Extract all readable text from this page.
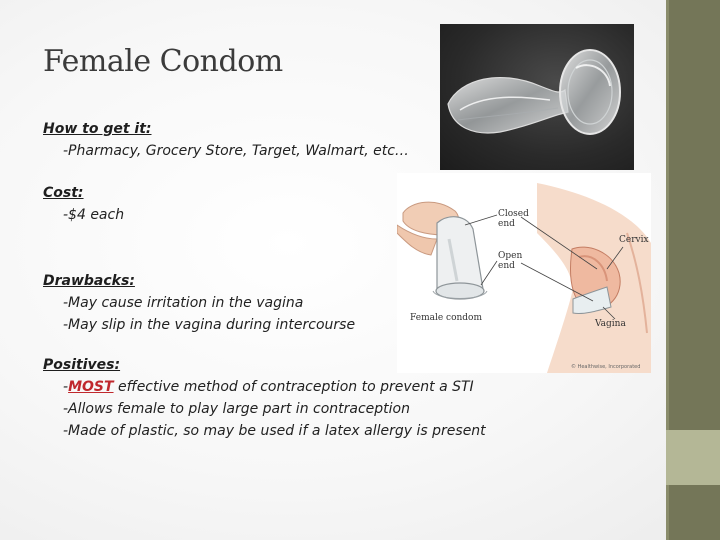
Female Condom
How to get it:
-Pharmacy, Grocery Store, Target, Walmart, etc…
Cost:
-$4 each
Drawbacks:
-May cause irritation in the vagina
-May slip in the vagina during intercourse
Positives:
-MOST effective method of contraception to prevent a STI
-Allows female to play large part in contraception
-Made of plastic, so may be used if a latex allergy is present
Closed
end
Open
end
Cervix
Female condom
Vagina
© Healthwise, Incorporated
